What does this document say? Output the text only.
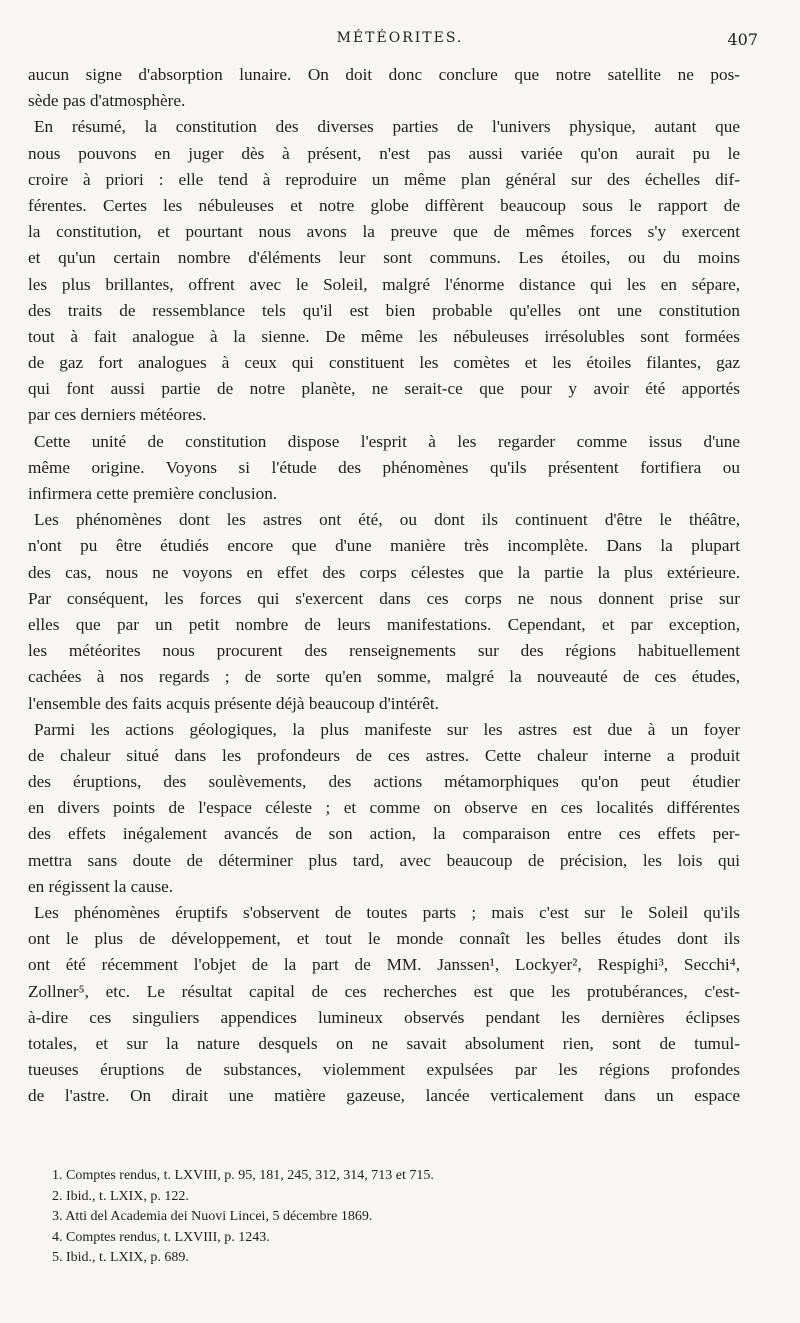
MÉTÉORITES.	407
aucun signe d'absorption lunaire. On doit donc conclure que notre satellite ne pos-
sède pas d'atmosphère.
En résumé, la constitution des diverses parties de l'univers physique, autant que
nous pouvons en juger dès à présent, n'est pas aussi variée qu'on aurait pu le
croire à priori : elle tend à reproduire un même plan général sur des échelles dif-
férentes. Certes les nébuleuses et notre globe diffèrent beaucoup sous le rapport de
la constitution, et pourtant nous avons la preuve que de mêmes forces s'y exercent
et qu'un certain nombre d'éléments leur sont communs. Les étoiles, ou du moins
les plus brillantes, offrent avec le Soleil, malgré l'énorme distance qui les en sépare,
des traits de ressemblance tels qu'il est bien probable qu'elles ont une constitution
tout à fait analogue à la sienne. De même les nébuleuses irrésolubles sont formées
de gaz fort analogues à ceux qui constituent les comètes et les étoiles filantes, gaz
qui font aussi partie de notre planète, ne serait-ce que pour y avoir été apportés
par ces derniers météores.
Cette unité de constitution dispose l'esprit à les regarder comme issus d'une
même origine. Voyons si l'étude des phénomènes qu'ils présentent fortifiera ou
infirmera cette première conclusion.
Les phénomènes dont les astres ont été, ou dont ils continuent d'être le théâtre,
n'ont pu être étudiés encore que d'une manière très incomplète. Dans la plupart
des cas, nous ne voyons en effet des corps célestes que la partie la plus extérieure.
Par conséquent, les forces qui s'exercent dans ces corps ne nous donnent prise sur
elles que par un petit nombre de leurs manifestations. Cependant, et par exception,
les météorites nous procurent des renseignements sur des régions habituellement
cachées à nos regards ; de sorte qu'en somme, malgré la nouveauté de ces études,
l'ensemble des faits acquis présente déjà beaucoup d'intérêt.
Parmi les actions géologiques, la plus manifeste sur les astres est due à un foyer
de chaleur situé dans les profondeurs de ces astres. Cette chaleur interne a produit
des éruptions, des soulèvements, des actions métamorphiques qu'on peut étudier
en divers points de l'espace céleste ; et comme on observe en ces localités différentes
des effets inégalement avancés de son action, la comparaison entre ces effets per-
mettra sans doute de déterminer plus tard, avec beaucoup de précision, les lois qui
en régissent la cause.
Les phénomènes éruptifs s'observent de toutes parts ; mais c'est sur le Soleil qu'ils
ont le plus de développement, et tout le monde connaît les belles études dont ils
ont été récemment l'objet de la part de MM. Janssen¹, Lockyer², Respighi³, Secchi⁴,
Zollner⁵, etc. Le résultat capital de ces recherches est que les protubérances, c'est-
à-dire ces singuliers appendices lumineux observés pendant les dernières éclipses
totales, et sur la nature desquels on ne savait absolument rien, sont de tumul-
tueuses éruptions de substances, violemment expulsées par les régions profondes
de l'astre. On dirait une matière gazeuse, lancée verticalement dans un espace
1. Comptes rendus, t. LXVIII, p. 95, 181, 245, 312, 314, 713 et 715.
2. Ibid., t. LXIX, p. 122.
3. Atti del Academia dei Nuovi Lincei, 5 décembre 1869.
4. Comptes rendus, t. LXVIII, p. 1243.
5. Ibid., t. LXIX, p. 689.
